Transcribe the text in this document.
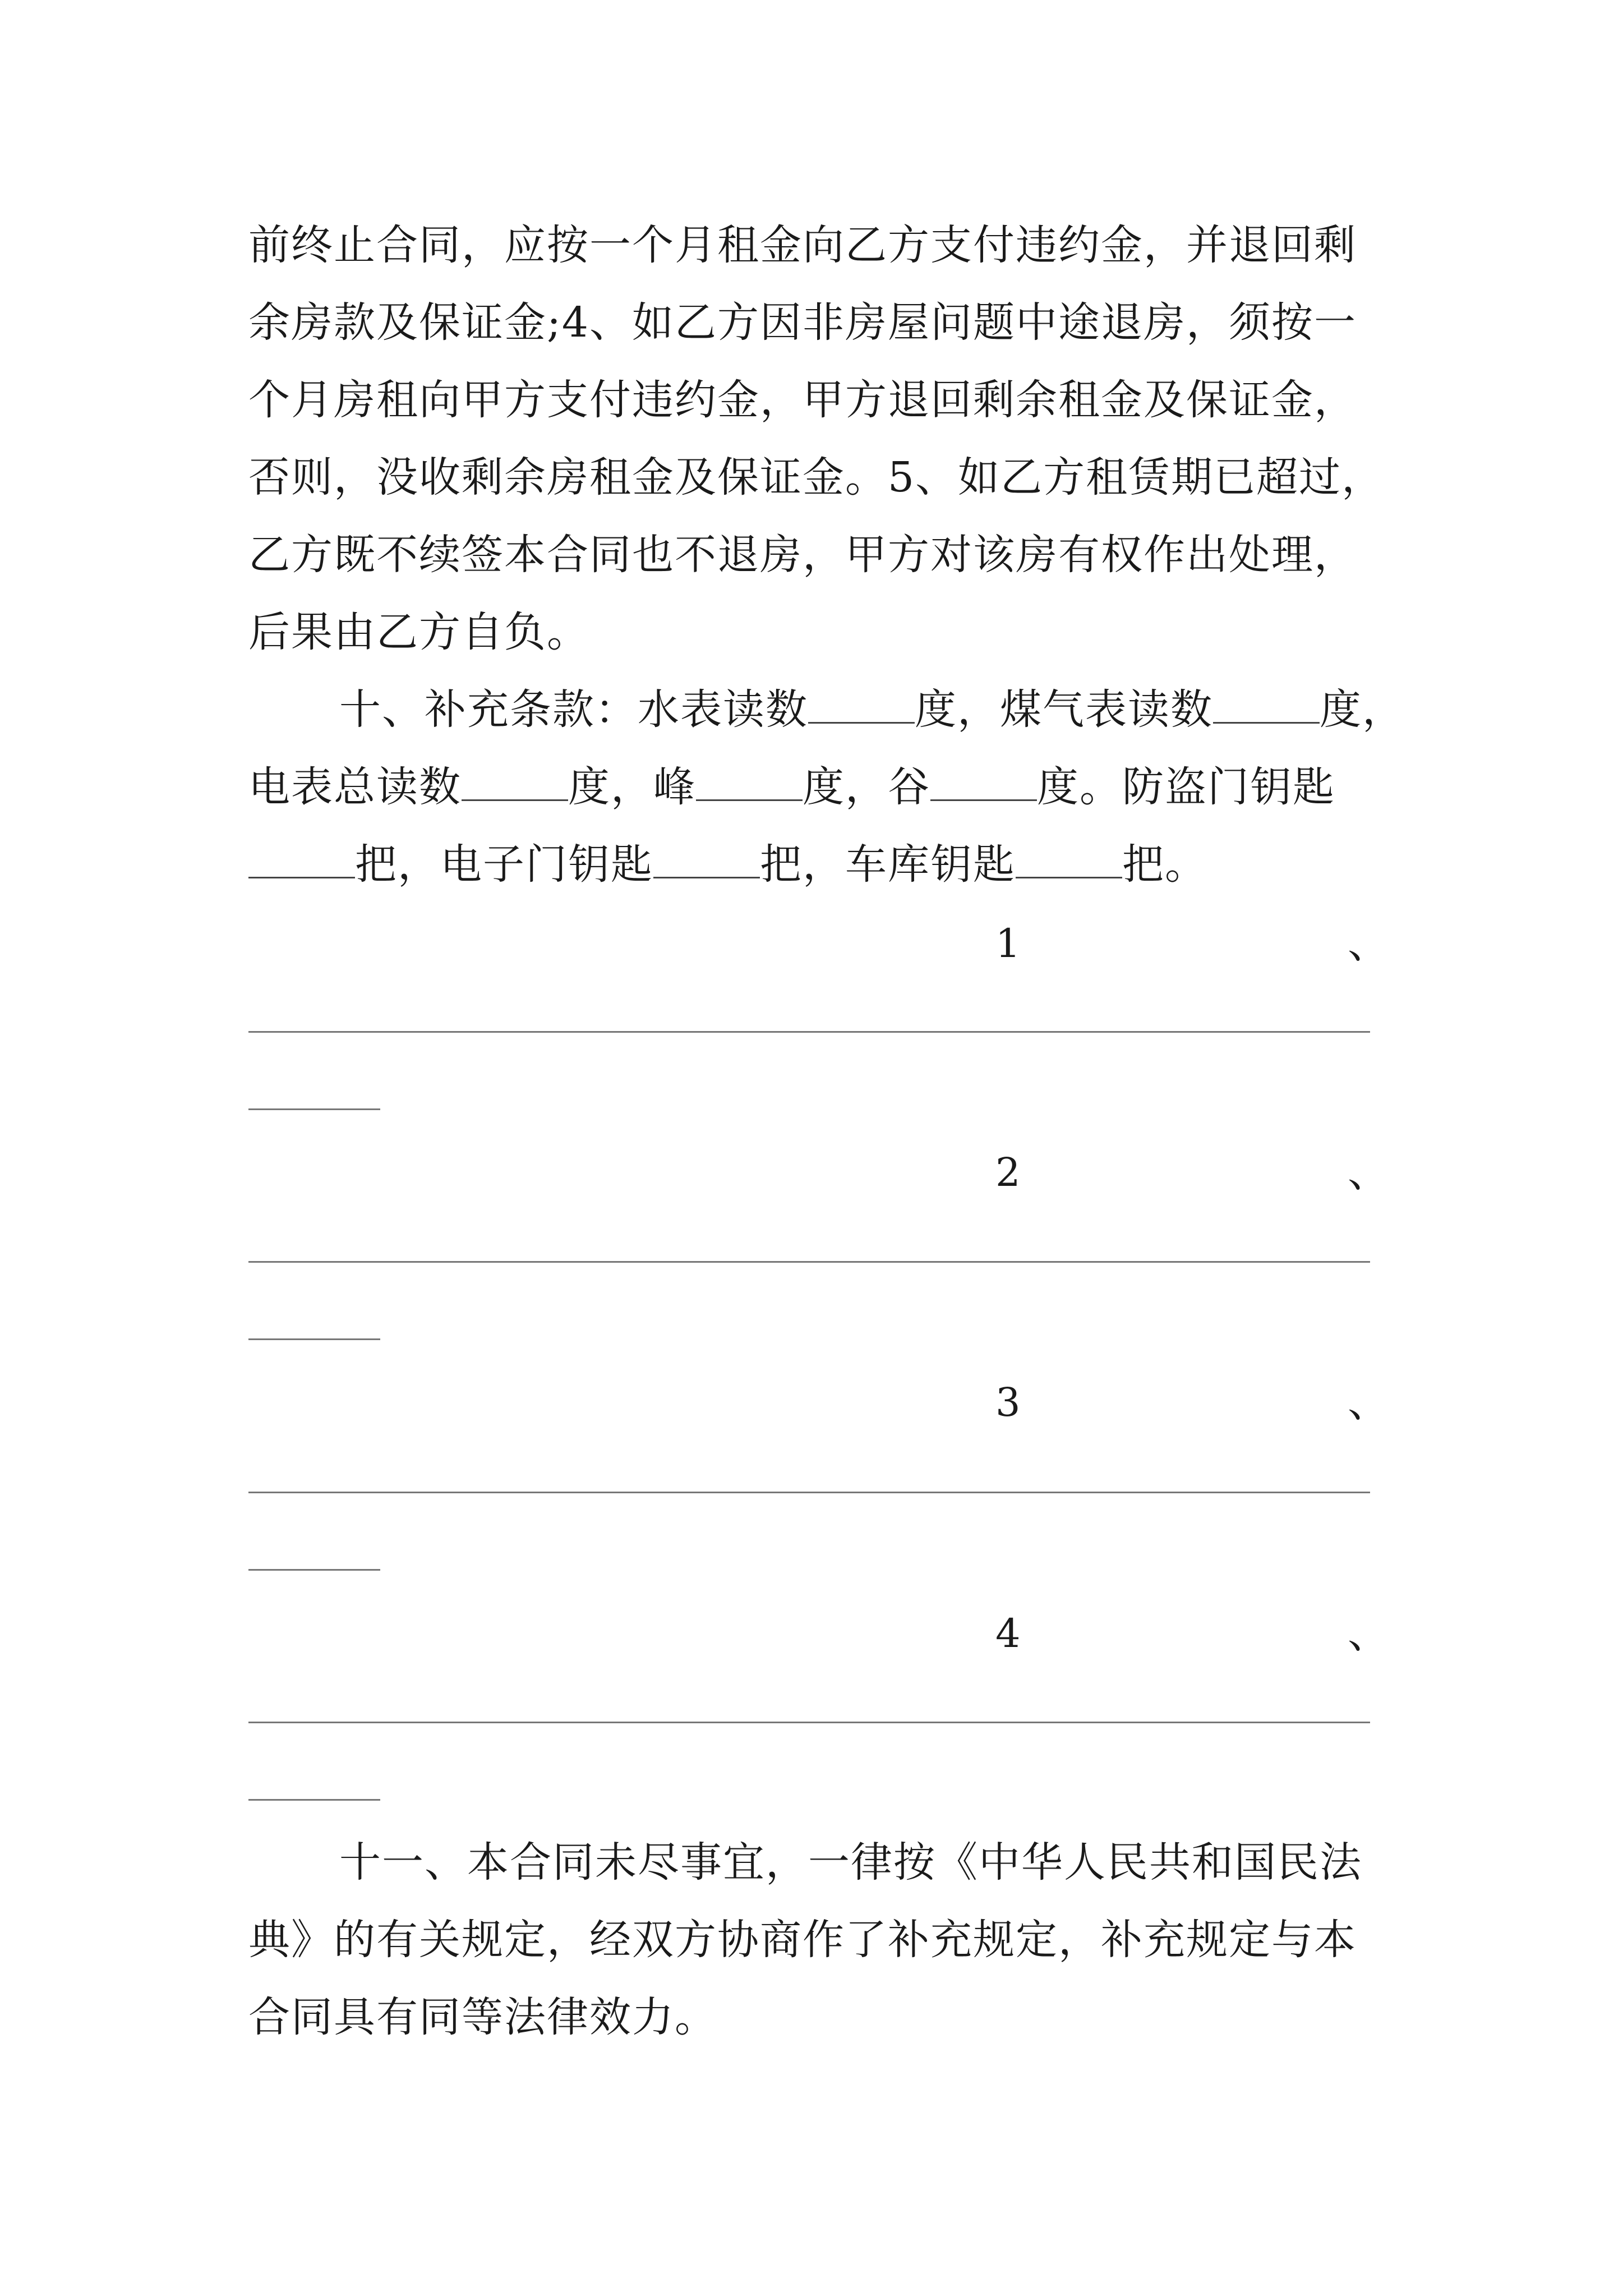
前终止合同，应按一个月租金向乙方支付违约金，并退回剩
余房款及保证金;4、如乙方因非房屋问题中途退房，须按一
个月房租向甲方支付违约金，甲方退回剩余租金及保证金，
否则，没收剩余房租金及保证金。5、如乙方租赁期已超过，
乙方既不续签本合同也不退房，甲方对该房有权作出处理，
后果由乙方自负。
十、补充条款：水表读数	度，煤气表读数	度，
电表总读数	度，峰	度，谷	度。防盗门钥匙
把，电子门钥匙	把，车库钥匙	把。
1	、
2	、
3	、
4	、
十一、本合同未尽事宜，一律按《中华人民共和国民法
典》的有关规定，经双方协商作了补充规定，补充规定与本
合同具有同等法律效力。
